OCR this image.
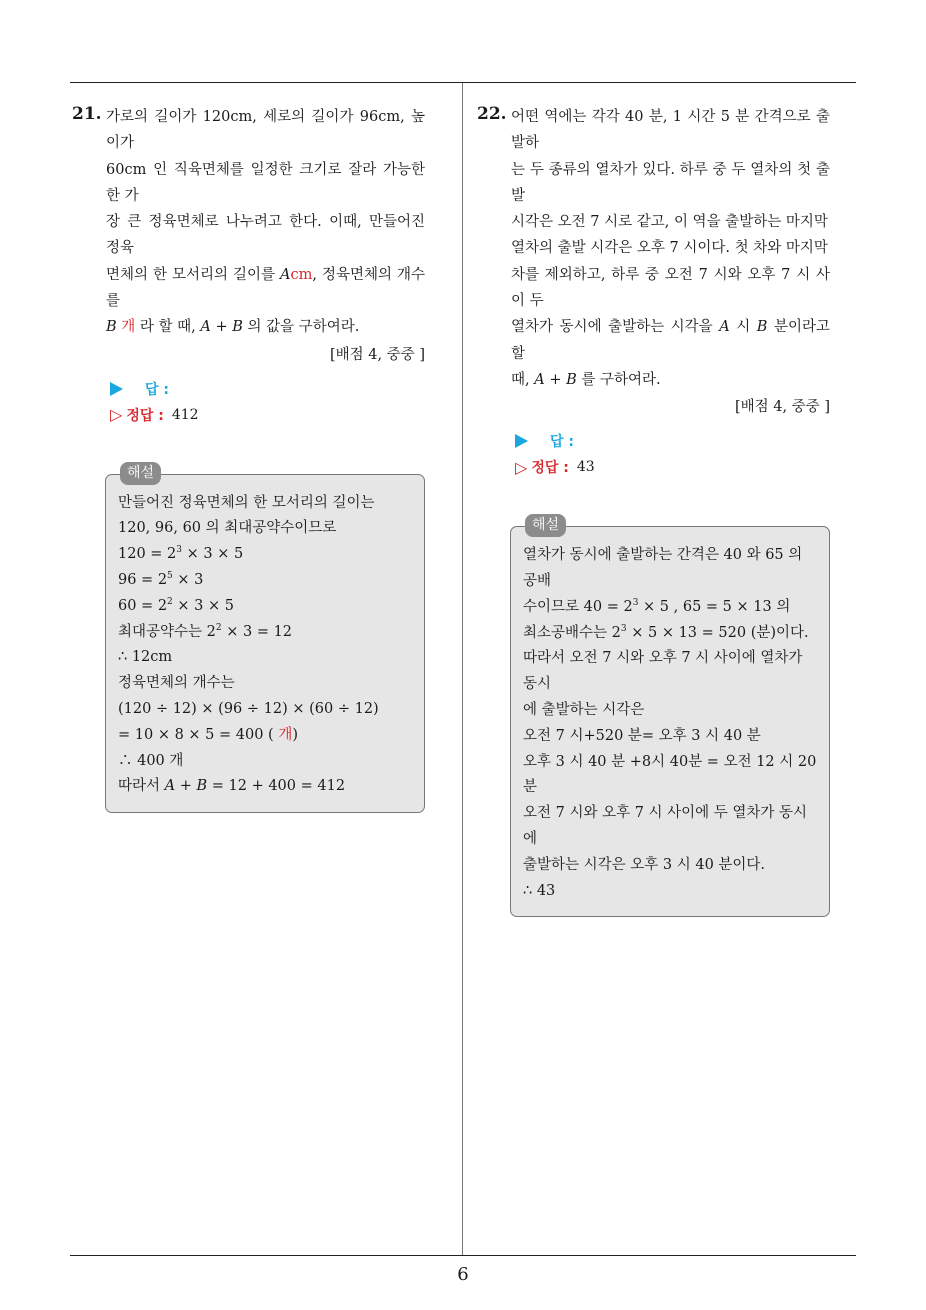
21. 가로의 길이가 120cm, 세로의 길이가 96cm, 높이가

60cm 인 직육면체를 일정한 크기로 잘라 가능한 한 가

장 큰 정육면체로 나누려고 한다. 이때, 만들어진 정육

면체의 한 모서리의 길이를 Acm, 정육면체의 개수를

B 개 라 할 때, A + B 의 값을 구하여라.

[배점 4, 중중 ]
답 :
▷ 정답 : 412
해설

만들어진 정육면체의 한 모서리의 길이는

120, 96, 60 의 최대공약수이므로

$120 = 2^3 \times 3 \times 5$

$96 = 2^5 \times 3$

$60 = 2^2 \times 3 \times 5$

최대공약수는 $2^2 \times 3 = 12$

∴ 12cm

정육면체의 개수는

(120 ÷ 12) × (96 ÷ 12) × (60 ÷ 12)

= 10 × 8 × 5 = 400 ( 개)

∴ 400 개

따라서 A + B = 12 + 400 = 412

22. 어떤 역에는 각각 40 분, 1 시간 5 분 간격으로 출발하

는 두 종류의 열차가 있다. 하루 중 두 열차의 첫 출발

시각은 오전 7 시로 같고, 이 역을 출발하는 마지막

열차의 출발 시각은 오후 7 시이다. 첫 차와 마지막

차를 제외하고, 하루 중 오전 7 시와 오후 7 시 사이 두

열차가 동시에 출발하는 시각을 A 시 B 분이라고 할

때, A + B 를 구하여라.

[배점 4, 중중 ]
답 :
▷ 정답 : 43
해설

열차가 동시에 출발하는 간격은 40 와 65 의 공배

수이므로 $40 = 2^3 \times 5$ , 65 = 5 × 13 의

최소공배수는 $2^3 \times 5 \times 13 = 520$ (분)이다.

따라서 오전 7 시와 오후 7 시 사이에 열차가 동시

에 출발하는 시각은

오전 7 시+520 분= 오후 3 시 40 분

오후 3 시 40 분 +8시 40분 = 오전 12 시 20 분

오전 7 시와 오후 7 시 사이에 두 열차가 동시에

출발하는 시각은 오후 3 시 40 분이다.

∴ 43

6
